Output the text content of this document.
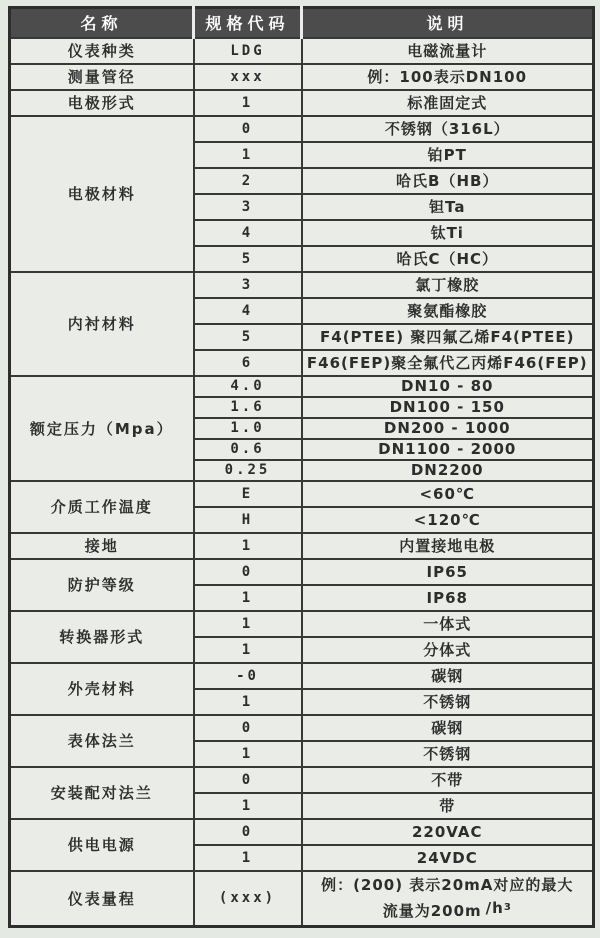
名称	规格代码	说明
仪表种类	LDG	电磁流量计
测量管径	xxx	例：100表示DN100
电极形式	1	标准固定式
电极材料	0	不锈钢（316L）
	1	铂PT
	2	哈氏B（HB）
	3	钽Ta
	4	钛Ti
	5	哈氏C（HC）
内衬材料	3	氯丁橡胶
	4	聚氨酯橡胶
	5	F4(PTEE) 聚四氟乙烯F4(PTEE)
	6	F46(FEP)聚全氟代乙丙烯F46(FEP)
额定压力（Mpa）	4.0	DN10 - 80
	1.6	DN100 - 150
	1.0	DN200 - 1000
	0.6	DN1100 - 2000
	0.25	DN2200
介质工作温度	E	<60℃
	H	<120℃
接地	1	内置接地电极
防护等级	0	IP65
	1	IP68
转换器形式	1	一体式
	1	分体式
外壳材料	-0	碳钢
	1	不锈钢
表体法兰	0	碳钢
	1	不锈钢
安装配对法兰	0	不带
	1	带
供电电源	0	220VAC
	1	24VDC
仪表量程	(xxx)	例：(200) 表示20mA对应的最大
流量为200m $/h^3$
